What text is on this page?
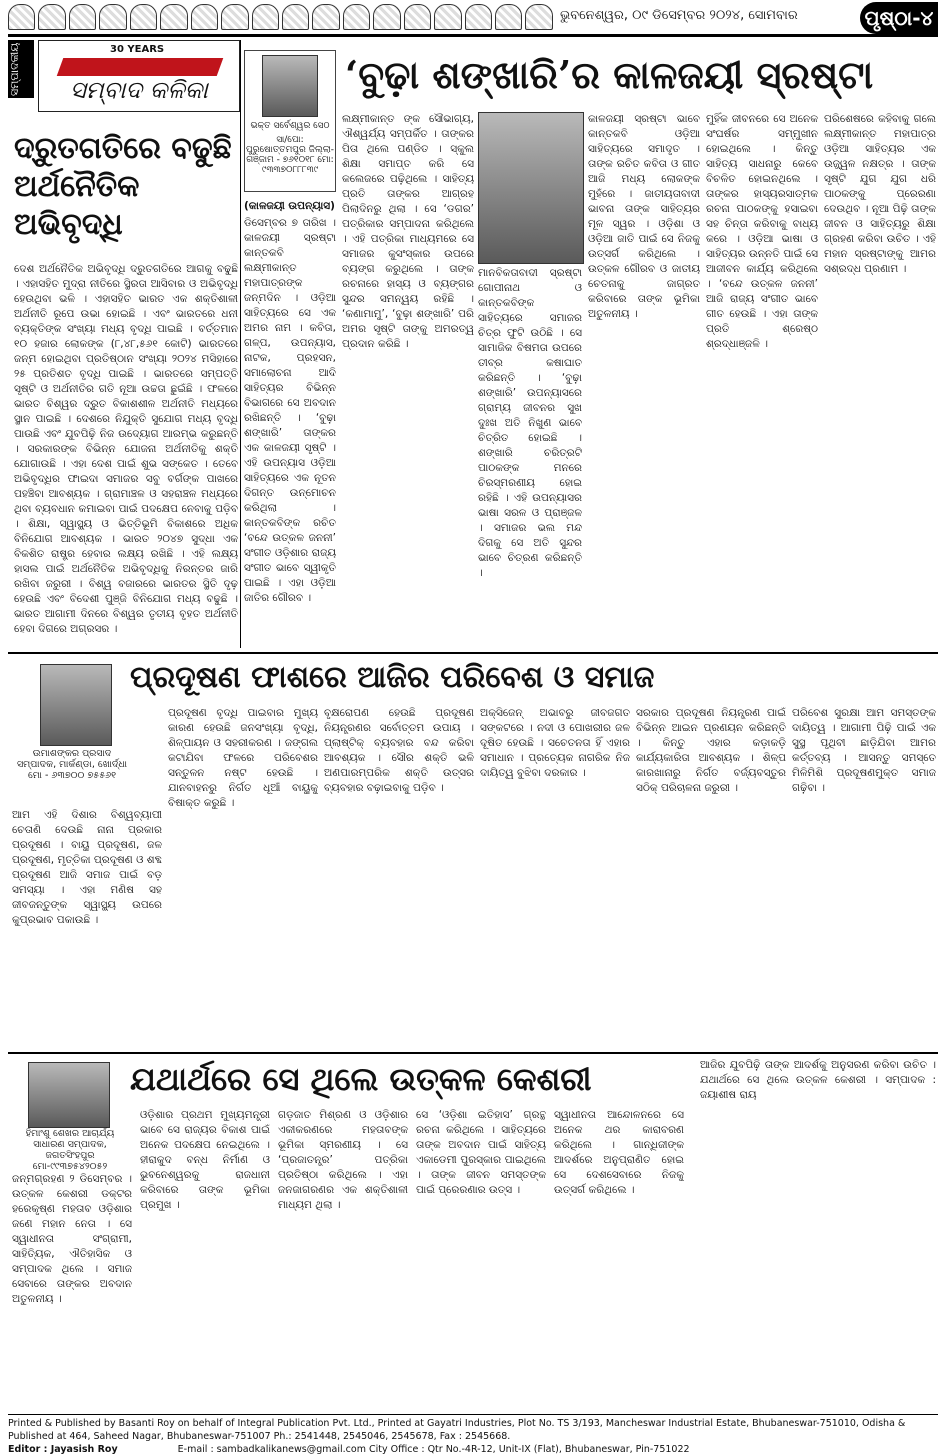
ଭୁବନେଶ୍ୱର, ୦୯ ଡିସେମ୍ବର ୨୦୨୪, ସୋମବାର	ପୃଷ୍ଠା-୪
ସମ୍ପାଦକୀୟ	30 YEARS
ସମ୍ବାଦ କଳିକା
ଦ୍ରୁତଗତିରେ ବଢୁଛି ଅର୍ଥନୈତିକ ଅଭିବୃଦ୍ଧି
ଦେଶ ଅର୍ଥନୈତିକ ଅଭିବୃଦ୍ଧି ଦ୍ରୁତଗତିରେ ଆଗକୁ ବଢୁଛି । ଏହାସହିତ ମୁଦ୍ରା ନୀତିରେ ସ୍ଥିରତା ଆସିବାର ଓ ଅଭିବୃଦ୍ଧି ହେଉଥିବା ଭଳି । ଏହାସହିତ ଭାରତ ଏକ ଶକ୍ତିଶାଳୀ ଅର୍ଥନୀତି ରୂପେ ଉଭା ହୋଇଛି । ଏବଂ ଭାରତରେ ଧନୀ ବ୍ୟକ୍ତିଙ୍କ ସଂଖ୍ୟା ମଧ୍ୟ ବୃଦ୍ଧି ପାଇଛି । ବର୍ତ୍ତମାନ ୧୦ ହଜାର ଲୋକଙ୍କ (୮,୪୮,୫୬୧ କୋଟି) ଭାରତରେ ଜନ୍ମ ହୋଇଥିବା ପ୍ରତିଷ୍ଠାନ ସଂଖ୍ୟା ୨୦୨୪ ମସିହାରେ ୨୫ ପ୍ରତିଶତ ବୃଦ୍ଧି ପାଇଛି । ଭାରତରେ ସମ୍ପତ୍ତି ସୃଷ୍ଟି ଓ ଅର୍ଥନୀତିର ଗତି ନୂଆ ଉଚ୍ଚତା ଛୁଇଁଛି । ଫଳରେ ଭାରତ ବିଶ୍ୱର ଦ୍ରୁତ ବିକାଶଶୀଳ ଅର୍ଥନୀତି ମଧ୍ୟରେ ସ୍ଥାନ ପାଇଛି । ଦେଶରେ ନିଯୁକ୍ତି ସୁଯୋଗ ମଧ୍ୟ ବୃଦ୍ଧି ପାଉଛି ଏବଂ ଯୁବପିଢ଼ି ନିଜ ଉଦ୍ୟୋଗ ଆରମ୍ଭ କରୁଛନ୍ତି । ସରକାରଙ୍କ ବିଭିନ୍ନ ଯୋଜନା ଅର୍ଥନୀତିକୁ ଶକ୍ତି ଯୋଗାଉଛି । ଏହା ଦେଶ ପାଇଁ ଶୁଭ ସଙ୍କେତ । ତେବେ ଅଭିବୃଦ୍ଧିର ଫାଇଦା ସମାଜର ସବୁ ବର୍ଗଙ୍କ ପାଖରେ ପହଞ୍ଚିବା ଆବଶ୍ୟକ । ଗ୍ରାମାଞ୍ଚଳ ଓ ସହରାଞ୍ଚଳ ମଧ୍ୟରେ ଥିବା ବ୍ୟବଧାନ କମାଇବା ପାଇଁ ପଦକ୍ଷେପ ନେବାକୁ ପଡ଼ିବ । ଶିକ୍ଷା, ସ୍ୱାସ୍ଥ୍ୟ ଓ ଭିତ୍ତିଭୂମି ବିକାଶରେ ଅଧିକ ବିନିଯୋଗ ଆବଶ୍ୟକ । ଭାରତ ୨୦୪୭ ସୁଦ୍ଧା ଏକ ବିକଶିତ ରାଷ୍ଟ୍ର ହେବାର ଲକ୍ଷ୍ୟ ରଖିଛି । ଏହି ଲକ୍ଷ୍ୟ ହାସଲ ପାଇଁ ଅର୍ଥନୈତିକ ଅଭିବୃଦ୍ଧିକୁ ନିରନ୍ତର ଜାରି ରଖିବା ଜରୁରୀ । ବିଶ୍ୱ ବଜାରରେ ଭାରତର ସ୍ଥିତି ଦୃଢ଼ ହେଉଛି ଏବଂ ବିଦେଶୀ ପୁଞ୍ଜି ବିନିଯୋଗ ମଧ୍ୟ ବଢୁଛି । ଭାରତ ଆଗାମୀ ଦିନରେ ବିଶ୍ୱର ତୃତୀୟ ବୃହତ ଅର୍ଥନୀତି ହେବା ଦିଗରେ ଅଗ୍ରସର ।
ଭକ୍ତ ସର୍ବେଶ୍ୱର ସେଠ
ସା/ପୋ: ପୁରୁଷୋତ୍ତମପୁର ଜିଲ୍ଲା-ଗଞ୍ଜାମ - ୭୬୧୦୧୮ ମୋ: ୯୩୩୭୦୮୮୮୩୯
‘ବୁଢ଼ା ଶଙ୍ଖାରି’ର କାଳଜୟୀ ସ୍ରଷ୍ଟା
(କାଳଜୟୀ ଉପନ୍ୟାସ)
ଡିସେମ୍ବର ୭ ତାରିଖ । କାଳଜୟୀ ସ୍ରଷ୍ଟା କାନ୍ତକବି ଲକ୍ଷ୍ମୀକାନ୍ତ ମହାପାତ୍ରଙ୍କ ଜନ୍ମଦିନ । ଓଡ଼ିଆ ସାହିତ୍ୟରେ ସେ ଏକ ଅମର ନାମ । କବିତା, ଗଳ୍ପ, ଉପନ୍ୟାସ, ନାଟକ, ପ୍ରହସନ, ସମାଲୋଚନା ଆଦି ସାହିତ୍ୟର ବିଭିନ୍ନ ବିଭାଗରେ ସେ ଅବଦାନ ରଖିଛନ୍ତି । ‘ବୁଢ଼ା ଶଙ୍ଖାରି’ ତାଙ୍କର ଏକ କାଳଜୟୀ ସୃଷ୍ଟି । ଏହି ଉପନ୍ୟାସ ଓଡ଼ିଆ ସାହିତ୍ୟରେ ଏକ ନୂତନ ଦିଗନ୍ତ ଉନ୍ମୋଚନ କରିଥିଲା । କାନ୍ତକବିଙ୍କ ରଚିତ ‘ବନ୍ଦେ ଉତ୍କଳ ଜନନୀ’ ସଂଗୀତ ଓଡ଼ିଶାର ରାଜ୍ୟ ସଂଗୀତ ଭାବେ ସ୍ୱୀକୃତି ପାଇଛି । ଏହା ଓଡ଼ିଆ ଜାତିର ଗୌରବ ।
ଲକ୍ଷ୍ମୀକାନ୍ତ ଙ୍କ ସୌଭାଗ୍ୟ, ଐଶ୍ୱର୍ଯ୍ୟ ସମ୍ପର୍କିତ । ତାଙ୍କର ପିତା ଥିଲେ ପଣ୍ଡିତ । ସ୍କୁଲ ଶିକ୍ଷା ସମାପ୍ତ କରି ସେ କଲେଜରେ ପଢ଼ିଥିଲେ । ସାହିତ୍ୟ ପ୍ରତି ତାଙ୍କର ଆଗ୍ରହ ପିଲାଦିନରୁ ଥିଲା । ସେ ‘ଡଗର’ ପତ୍ରିକାର ସମ୍ପାଦନା କରିଥିଲେ । ଏହି ପତ୍ରିକା ମାଧ୍ୟମରେ ସେ ସମାଜର କୁସଂସ୍କାର ଉପରେ ବ୍ୟଙ୍ଗ କରୁଥିଲେ । ତାଙ୍କ ରଚନାରେ ହାସ୍ୟ ଓ ବ୍ୟଙ୍ଗର ସୁନ୍ଦର ସମନ୍ୱୟ ରହିଛି । ‘କଣାମାମୁ’, ‘ବୁଢ଼ା ଶଙ୍ଖାରି’ ପରି ଅମର ସୃଷ୍ଟି ତାଙ୍କୁ ଅମରତ୍ୱ ପ୍ରଦାନ କରିଛି ।
ମାନବିକତାବାଦୀ ସ୍ରଷ୍ଟା ଗୋପୀନାଥ ଓ କାନ୍ତକବିଙ୍କ ସାହିତ୍ୟରେ ସମାଜର ଚିତ୍ର ଫୁଟି ଉଠିଛି । ସେ ସାମାଜିକ ବିଷମତା ଉପରେ ତୀବ୍ର କଷାଘାତ କରିଛନ୍ତି । ‘ବୁଢ଼ା ଶଙ୍ଖାରି’ ଉପନ୍ୟାସରେ ଗ୍ରାମ୍ୟ ଜୀବନର ସୁଖ ଦୁଃଖ ଅତି ନିଖୁଣ ଭାବେ ଚିତ୍ରିତ ହୋଇଛି । ଶଙ୍ଖାରି ଚରିତ୍ରଟି ପାଠକଙ୍କ ମନରେ ଚିରସ୍ମରଣୀୟ ହୋଇ ରହିଛି । ଏହି ଉପନ୍ୟାସର ଭାଷା ସରଳ ଓ ପ୍ରାଞ୍ଜଳ । ସମାଜର ଭଲ ମନ୍ଦ ଦିଗକୁ ସେ ଅତି ସୁନ୍ଦର ଭାବେ ଚିତ୍ରଣ କରିଛନ୍ତି ।
କାଳଜୟୀ ସ୍ରଷ୍ଟା ଭାବେ କାନ୍ତକବି ଓଡ଼ିଆ ସାହିତ୍ୟରେ ସମାଦୃତ । ତାଙ୍କ ରଚିତ କବିତା ଓ ଗୀତ ଆଜି ମଧ୍ୟ ଲୋକଙ୍କ ମୁହଁରେ । ଜାତୀୟତାବାଦୀ ଭାବନା ତାଙ୍କ ସାହିତ୍ୟର ମୂଳ ସ୍ୱର । ଓଡ଼ିଶା ଓ ଓଡ଼ିଆ ଜାତି ପାଇଁ ସେ ନିଜକୁ ଉତ୍ସର୍ଗ କରିଥିଲେ । ଉତ୍କଳ ଗୌରବ ଓ ଜାତୀୟ ଚେତନାକୁ ଜାଗ୍ରତ କରିବାରେ ତାଙ୍କ ଭୂମିକା ଅତୁଳନୀୟ ।
ମୁହିଁକ ଜୀବନରେ ସେ ଅନେକ ସଂଘର୍ଷର ସମ୍ମୁଖୀନ ହୋଇଥିଲେ । କିନ୍ତୁ ସାହିତ୍ୟ ସାଧନାରୁ କେବେ ବିଚଳିତ ହୋଇନଥିଲେ । ତାଙ୍କର ହାସ୍ୟରସାତ୍ମକ ରଚନା ପାଠକଙ୍କୁ ହସାଇବା ସହ ଚିନ୍ତା କରିବାକୁ ବାଧ୍ୟ କରେ । ଓଡ଼ିଆ ଭାଷା ଓ ସାହିତ୍ୟର ଉନ୍ନତି ପାଇଁ ସେ ଆଜୀବନ କାର୍ଯ୍ୟ କରିଥିଲେ । ‘ବନ୍ଦେ ଉତ୍କଳ ଜନନୀ’ ଆଜି ରାଜ୍ୟ ସଂଗୀତ ଭାବେ ଗୀତ ହେଉଛି । ଏହା ତାଙ୍କ ପ୍ରତି ଶ୍ରେଷ୍ଠ ଶ୍ରଦ୍ଧାଞ୍ଜଳି ।
ପରିଶେଷରେ କହିବାକୁ ଗଲେ ଲକ୍ଷ୍ମୀକାନ୍ତ ମହାପାତ୍ର ଓଡ଼ିଆ ସାହିତ୍ୟର ଏକ ଉଜ୍ଜ୍ୱଳ ନକ୍ଷତ୍ର । ତାଙ୍କ ସୃଷ୍ଟି ଯୁଗ ଯୁଗ ଧରି ପାଠକଙ୍କୁ ପ୍ରେରଣା ଦେଉଥିବ । ନୂଆ ପିଢ଼ି ତାଙ୍କ ଜୀବନ ଓ ସାହିତ୍ୟରୁ ଶିକ୍ଷା ଗ୍ରହଣ କରିବା ଉଚିତ । ଏହି ମହାନ ସ୍ରଷ୍ଟାଙ୍କୁ ଆମର ସଶ୍ରଦ୍ଧ ପ୍ରଣାମ ।
ଉମାଶଙ୍କର ପ୍ରସାଦ
ସମ୍ପାଦକ, ମାର୍କଣ୍ଡା, ଖୋର୍ଦ୍ଧା
ମୋ - ୬୩୭୦୦ ୭୫୫୬୧
ପ୍ରଦୂଷଣ ଫାଶରେ ଆଜିର ପରିବେଶ ଓ ସମାଜ
ଆମ ଏହି ଦିଶାର ବିଶ୍ୱବ୍ୟାପୀ ଚେତାଣି ଦେଉଛି ନାନା ପ୍ରକାର ପ୍ରଦୂଷଣ । ବାୟୁ ପ୍ରଦୂଷଣ, ଜଳ ପ୍ରଦୂଷଣ, ମୃତ୍ତିକା ପ୍ରଦୂଷଣ ଓ ଶବ୍ଦ ପ୍ରଦୂଷଣ ଆଜି ସମାଜ ପାଇଁ ବଡ଼ ସମସ୍ୟା । ଏହା ମଣିଷ ସହ ଜୀବଜନ୍ତୁଙ୍କ ସ୍ୱାସ୍ଥ୍ୟ ଉପରେ କୁପ୍ରଭାବ ପକାଉଛି ।
ପ୍ରଦୂଷଣ ବୃଦ୍ଧି ପାଇବାର ମୁଖ୍ୟ କାରଣ ହେଉଛି ଜନସଂଖ୍ୟା ବୃଦ୍ଧି, ଶିଳ୍ପାୟନ ଓ ସହରୀକରଣ । ଜଙ୍ଗଲ କଟାଯିବା ଫଳରେ ପରିବେଶର ସନ୍ତୁଳନ ନଷ୍ଟ ହେଉଛି । ଯାନବାହନରୁ ନିର୍ଗତ ଧୂଆଁ ବାୟୁକୁ ବିଷାକ୍ତ କରୁଛି ।
ବୃକ୍ଷରୋପଣ ହେଉଛି ପ୍ରଦୂଷଣ ନିୟନ୍ତ୍ରଣର ସର୍ବୋତ୍ତମ ଉପାୟ । ପ୍ଲାଷ୍ଟିକ୍ ବ୍ୟବହାର ବନ୍ଦ କରିବା ଆବଶ୍ୟକ । ସୌର ଶକ୍ତି ଭଳି ଅଣପାରମ୍ପରିକ ଶକ୍ତି ଉତ୍ସର ବ୍ୟବହାର ବଢ଼ାଇବାକୁ ପଡ଼ିବ ।
ଅକ୍ସିଜେନ୍ ଅଭାବରୁ ଜୀବଜଗତ ସଙ୍କଟରେ । ନଦୀ ଓ ପୋଖରୀର ଜଳ ଦୂଷିତ ହେଉଛି । ସଚେତନତା ହିଁ ଏହାର ସମାଧାନ । ପ୍ରତ୍ୟେକ ନାଗରିକ ନିଜ ଦାୟିତ୍ୱ ବୁଝିବା ଦରକାର ।
ସରକାର ପ୍ରଦୂଷଣ ନିୟନ୍ତ୍ରଣ ପାଇଁ ବିଭିନ୍ନ ଆଇନ ପ୍ରଣୟନ କରିଛନ୍ତି । କିନ୍ତୁ ଏହାର କଡ଼ାକଡ଼ି କାର୍ଯ୍ୟକାରିତା ଆବଶ୍ୟକ । ଶିଳ୍ପ କାରଖାନାରୁ ନିର୍ଗତ ବର୍ଜ୍ୟବସ୍ତୁର ସଠିକ୍ ପରିଚାଳନା ଜରୁରୀ ।
ପରିବେଶ ସୁରକ୍ଷା ଆମ ସମସ୍ତଙ୍କ ଦାୟିତ୍ୱ । ଆଗାମୀ ପିଢ଼ି ପାଇଁ ଏକ ସୁସ୍ଥ ପୃଥିବୀ ଛାଡ଼ିଯିବା ଆମର କର୍ତ୍ତବ୍ୟ । ଆସନ୍ତୁ ସମସ୍ତେ ମିଳିମିଶି ପ୍ରଦୂଷଣମୁକ୍ତ ସମାଜ ଗଢ଼ିବା ।
ହିମାଂଶୁ ଶେଖର ଆଚାର୍ଯ୍ୟ
ସାଧାରଣ ସମ୍ପାଦକ, ଜଗତସିଂହପୁର
ମୋ-୯୯୩୭୫୪୨୦୫୨
ଯଥାର୍ଥରେ ସେ ଥିଲେ ଉତ୍କଳ କେଶରୀ
ଜନ୍ମଗ୍ରହଣ ୨ ଡିସେମ୍ବର । ଉତ୍କଳ କେଶରୀ ଡକ୍ଟର ହରେକୃଷ୍ଣ ମହତାବ ଓଡ଼ିଶାର ଜଣେ ମହାନ ନେତା । ସେ ସ୍ୱାଧୀନତା ସଂଗ୍ରାମୀ, ସାହିତ୍ୟିକ, ଐତିହାସିକ ଓ ସମ୍ପାଦକ ଥିଲେ । ସମାଜ ସେବାରେ ତାଙ୍କର ଅବଦାନ ଅତୁଳନୀୟ ।
ଓଡ଼ିଶାର ପ୍ରଥମ ମୁଖ୍ୟମନ୍ତ୍ରୀ ଭାବେ ସେ ରାଜ୍ୟର ବିକାଶ ପାଇଁ ଅନେକ ପଦକ୍ଷେପ ନେଇଥିଲେ । ହୀରାକୁଦ ବନ୍ଧ ନିର୍ମାଣ ଓ ଭୁବନେଶ୍ୱରକୁ ରାଜଧାନୀ କରିବାରେ ତାଙ୍କ ଭୂମିକା ପ୍ରମୁଖ ।
ଗଡ଼ଜାତ ମିଶ୍ରଣ ଓ ଓଡ଼ିଶାର ଏକୀକରଣରେ ମହତାବଙ୍କ ଭୂମିକା ସ୍ମରଣୀୟ । ସେ ‘ପ୍ରଜାତନ୍ତ୍ର’ ପତ୍ରିକା ପ୍ରତିଷ୍ଠା କରିଥିଲେ । ଏହା ଜନଜାଗରଣର ଏକ ଶକ୍ତିଶାଳୀ ମାଧ୍ୟମ ଥିଲା ।
ସେ ‘ଓଡ଼ିଶା ଇତିହାସ’ ଗ୍ରନ୍ଥ ରଚନା କରିଥିଲେ । ସାହିତ୍ୟରେ ତାଙ୍କ ଅବଦାନ ପାଇଁ ସାହିତ୍ୟ ଏକାଡେମୀ ପୁରସ୍କାର ପାଇଥିଲେ । ତାଙ୍କ ଜୀବନ ସମସ୍ତଙ୍କ ପାଇଁ ପ୍ରେରଣାର ଉତ୍ସ ।
ସ୍ୱାଧୀନତା ଆନ୍ଦୋଳନରେ ସେ ଅନେକ ଥର କାରାବରଣ କରିଥିଲେ । ଗାନ୍ଧିଜୀଙ୍କ ଆଦର୍ଶରେ ଅନୁପ୍ରାଣିତ ହୋଇ ସେ ଦେଶସେବାରେ ନିଜକୁ ଉତ୍ସର୍ଗ କରିଥିଲେ ।
ଆଜିର ଯୁବପିଢ଼ି ତାଙ୍କ ଆଦର୍ଶକୁ ଅନୁସରଣ କରିବା ଉଚିତ । ଯଥାର୍ଥରେ ସେ ଥିଲେ ଉତ୍କଳ କେଶରୀ । ସମ୍ପାଦକ : ଜୟାଶୀଷ ରାୟ
Printed & Published by Basanti Roy on behalf of Integral Publication Pvt. Ltd., Printed at Gayatri Industries, Plot No. TS 3/193, Mancheswar Industrial Estate, Bhubaneswar-751010, Odisha & Published at 464, Saheed Nagar, Bhubaneswar-751007 Ph.: 2541448, 2545046, 2545678, Fax : 2545668.
Editor : Jayasish Roy	E-mail : sambadkalikanews@gmail.com City Office : Qtr No.-4R-12, Unit-IX (Flat), Bhubaneswar, Pin-751022
